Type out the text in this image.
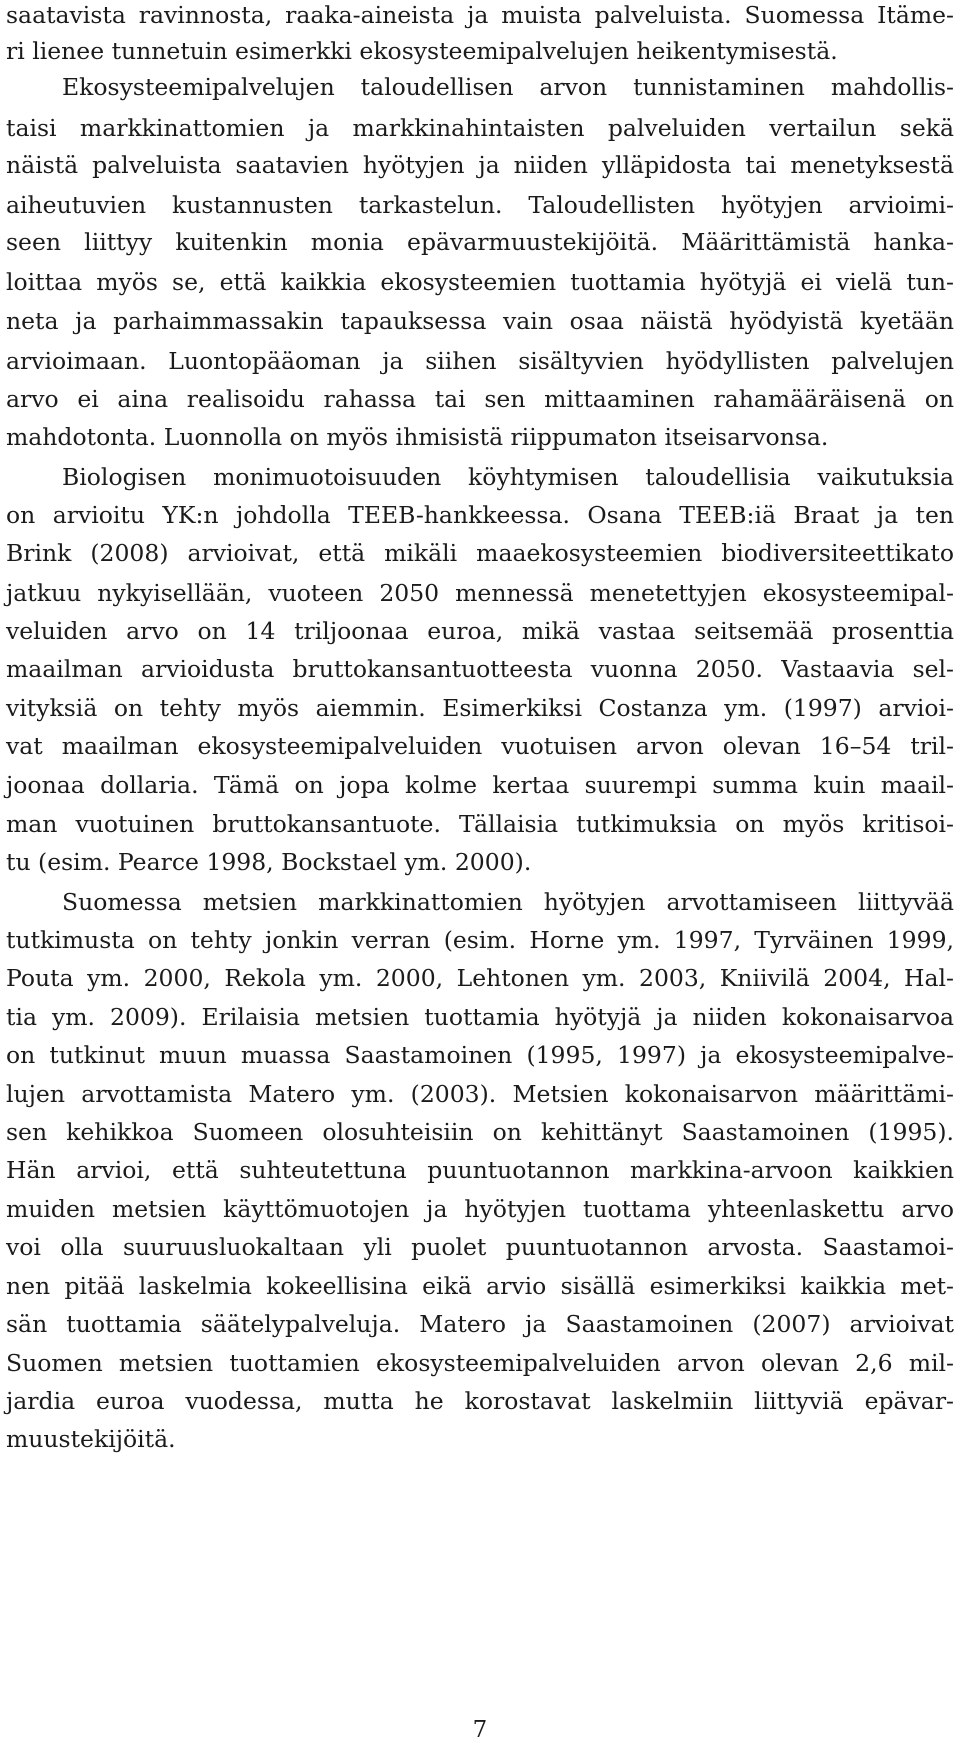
saatavista ravinnosta, raaka-aineista ja muista palveluista. Suomessa Itäme-
ri lienee tunnetuin esimerkki ekosysteemipalvelujen heikentymisestä.
Ekosysteemipalvelujen taloudellisen arvon tunnistaminen mahdollis-
taisi markkinattomien ja markkinahintaisten palveluiden vertailun sekä
näistä palveluista saatavien hyötyjen ja niiden ylläpidosta tai menetyksestä
aiheutuvien kustannusten tarkastelun. Taloudellisten hyötyjen arvioimi-
seen liittyy kuitenkin monia epävarmuustekijöitä. Määrittämistä hanka-
loittaa myös se, että kaikkia ekosysteemien tuottamia hyötyjä ei vielä tun-
neta ja parhaimmassakin tapauksessa vain osaa näistä hyödyistä kyetään
arvioimaan. Luontopääoman ja siihen sisältyvien hyödyllisten palvelujen
arvo ei aina realisoidu rahassa tai sen mittaaminen rahamääräisenä on
mahdotonta. Luonnolla on myös ihmisistä riippumaton itseisarvonsa.
Biologisen monimuotoisuuden köyhtymisen taloudellisia vaikutuksia
on arvioitu YK:n johdolla TEEB-hankkeessa. Osana TEEB:iä Braat ja ten
Brink (2008) arvioivat, että mikäli maaekosysteemien biodiversiteettikato
jatkuu nykyisellään, vuoteen 2050 mennessä menetettyjen ekosysteemipal-
veluiden arvo on 14 triljoonaa euroa, mikä vastaa seitsemää prosenttia
maailman arvioidusta bruttokansantuotteesta vuonna 2050. Vastaavia sel-
vityksiä on tehty myös aiemmin. Esimerkiksi Costanza ym. (1997) arvioi-
vat maailman ekosysteemipalveluiden vuotuisen arvon olevan 16–54 tril-
joonaa dollaria. Tämä on jopa kolme kertaa suurempi summa kuin maail-
man vuotuinen bruttokansantuote. Tällaisia tutkimuksia on myös kritisoi-
tu (esim. Pearce 1998, Bockstael ym. 2000).
Suomessa metsien markkinattomien hyötyjen arvottamiseen liittyvää
tutkimusta on tehty jonkin verran (esim. Horne ym. 1997, Tyrväinen 1999,
Pouta ym. 2000, Rekola ym. 2000, Lehtonen ym. 2003, Kniivilä 2004, Hal-
tia ym. 2009). Erilaisia metsien tuottamia hyötyjä ja niiden kokonaisarvoa
on tutkinut muun muassa Saastamoinen (1995, 1997) ja ekosysteemipalve-
lujen arvottamista Matero ym. (2003). Metsien kokonaisarvon määrittämi-
sen kehikkoa Suomeen olosuhteisiin on kehittänyt Saastamoinen (1995).
Hän arvioi, että suhteutettuna puuntuotannon markkina-arvoon kaikkien
muiden metsien käyttömuotojen ja hyötyjen tuottama yhteenlaskettu arvo
voi olla suuruusluokaltaan yli puolet puuntuotannon arvosta. Saastamoi-
nen pitää laskelmia kokeellisina eikä arvio sisällä esimerkiksi kaikkia met-
sän tuottamia säätelypalveluja. Matero ja Saastamoinen (2007) arvioivat
Suomen metsien tuottamien ekosysteemipalveluiden arvon olevan 2,6 mil-
jardia euroa vuodessa, mutta he korostavat laskelmiin liittyviä epävar-
muustekijöitä.
7
